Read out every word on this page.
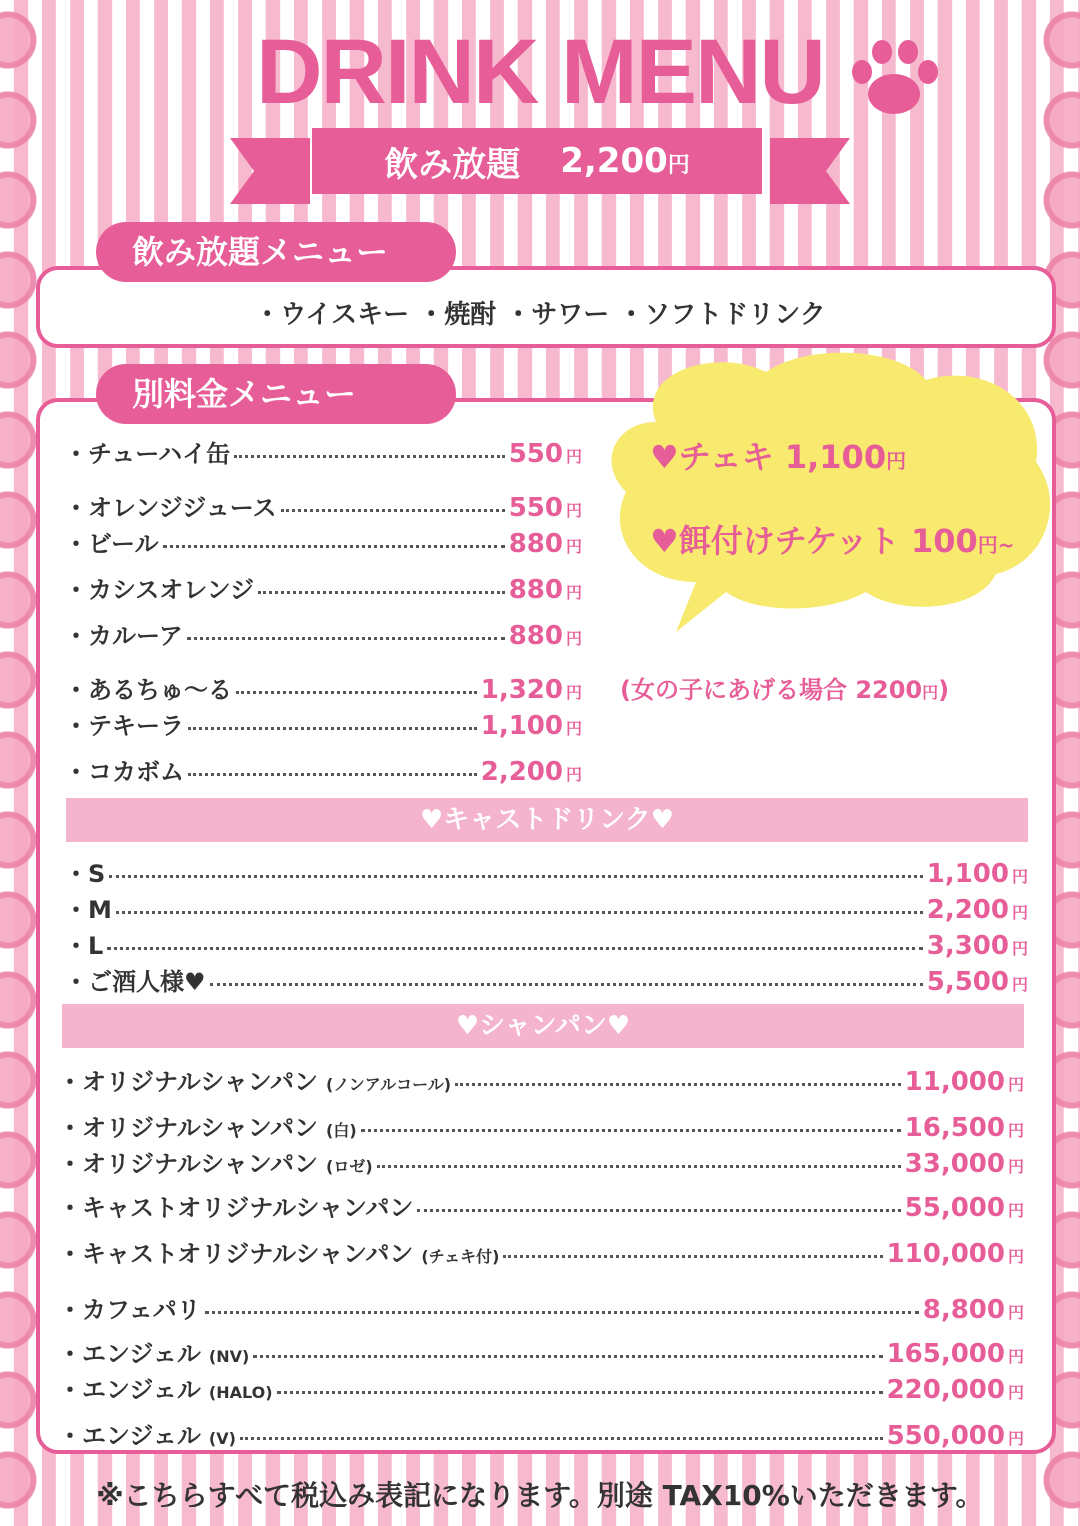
DRINK MENU
飲み放題 2,200円
飲み放題メニュー
・ウイスキー ・焼酎 ・サワー ・ソフトドリンク
別料金メニュー
♥チェキ 1,100円
♥餌付けチケット 100円~
(女の子にあげる場合 2200円)
・チューハイ缶	550 円
・オレンジジュース	550 円
・ビール	880 円
・カシスオレンジ	880 円
・カルーア	880 円
・あるちゅ〜る	1,320 円
・テキーラ	1,100 円
・コカボム	2,200 円
♥キャストドリンク♥
・S	1,100 円
・M	2,200 円
・L	3,300 円
・ご酒人様♥	5,500 円
♥シャンパン♥
・オリジナルシャンパン (ノンアルコール)	11,000 円
・オリジナルシャンパン (白)	16,500 円
・オリジナルシャンパン (ロゼ)	33,000 円
・キャストオリジナルシャンパン	55,000 円
・キャストオリジナルシャンパン (チェキ付)	110,000 円
・カフェパリ	8,800 円
・エンジェル (NV)	165,000 円
・エンジェル (HALO)	220,000 円
・エンジェル (V)	550,000 円
※こちらすべて税込み表記になります。別途 TAX10%いただきます。
